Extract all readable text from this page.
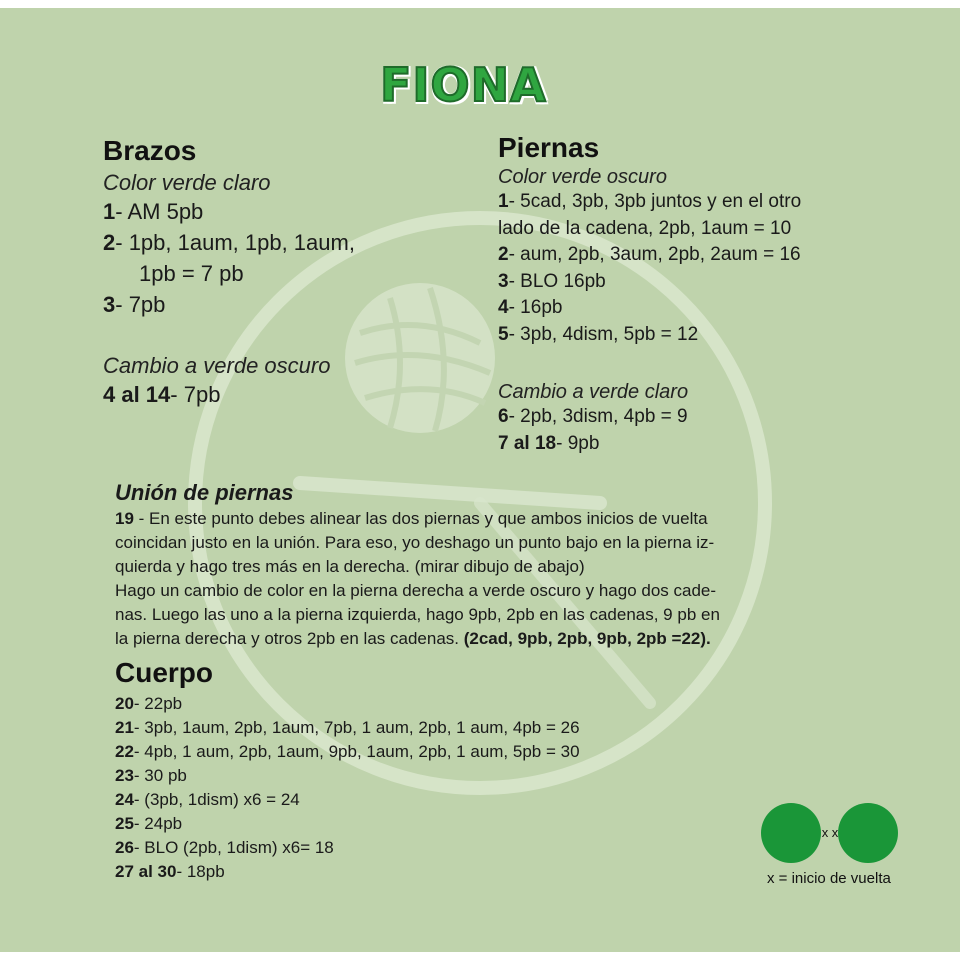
FIONA
Brazos
Color verde claro
1- AM 5pb
2- 1pb, 1aum, 1pb, 1aum,
1pb = 7 pb
3- 7pb
Cambio a verde oscuro
4 al 14- 7pb
Piernas
Color verde oscuro
1- 5cad, 3pb, 3pb juntos y en el otro
lado de la cadena, 2pb, 1aum = 10
2- aum, 2pb, 3aum, 2pb, 2aum = 16
3- BLO 16pb
4- 16pb
5- 3pb, 4dism, 5pb = 12
Cambio a verde claro
6- 2pb, 3dism, 4pb = 9
7 al 18- 9pb
Unión de piernas
19 - En este punto debes alinear las dos piernas y que ambos inicios de vuelta
coincidan justo en la unión. Para eso, yo deshago un punto bajo en la pierna iz-
quierda y hago tres más en la derecha. (mirar dibujo de abajo)
Hago un cambio de color en la pierna derecha a verde oscuro y hago dos cade-
nas. Luego las uno a la pierna izquierda, hago 9pb, 2pb en las cadenas, 9 pb en
la pierna derecha y otros 2pb en las cadenas. (2cad, 9pb, 2pb, 9pb, 2pb =22).
Cuerpo
20- 22pb
21- 3pb, 1aum, 2pb, 1aum, 7pb, 1 aum, 2pb, 1 aum, 4pb = 26
22- 4pb, 1 aum, 2pb, 1aum, 9pb, 1aum, 2pb, 1 aum, 5pb = 30
23- 30 pb
24- (3pb, 1dism) x6 = 24
25- 24pb
26- BLO (2pb, 1dism) x6= 18
27 al 30- 18pb
x x
x = inicio de vuelta
